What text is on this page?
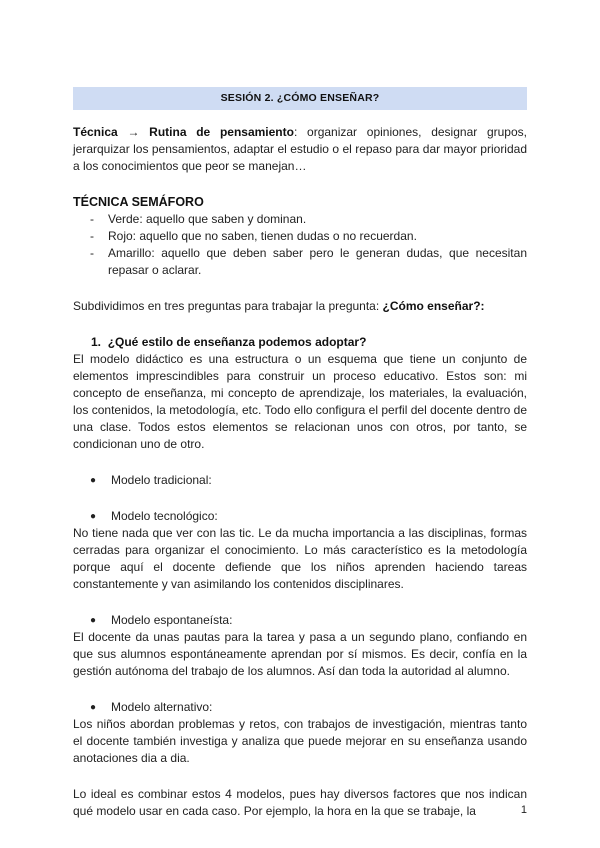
SESIÓN 2. ¿CÓMO ENSEÑAR?

Técnica → Rutina de pensamiento: organizar opiniones, designar grupos, jerarquizar los pensamientos, adaptar el estudio o el repaso para dar mayor prioridad a los conocimientos que peor se manejan…

TÉCNICA SEMÁFORO
- Verde: aquello que saben y dominan.
- Rojo: aquello que no saben, tienen dudas o no recuerdan.
- Amarillo: aquello que deben saber pero le generan dudas, que necesitan repasar o aclarar.

Subdividimos en tres preguntas para trabajar la pregunta: ¿Cómo enseñar?:

1. ¿Qué estilo de enseñanza podemos adoptar?

El modelo didáctico es una estructura o un esquema que tiene un conjunto de elementos imprescindibles para construir un proceso educativo. Estos son: mi concepto de enseñanza, mi concepto de aprendizaje, los materiales, la evaluación, los contenidos, la metodología, etc. Todo ello configura el perfil del docente dentro de una clase. Todos estos elementos se relacionan unos con otros, por tanto, se condicionan uno de otro.

● Modelo tradicional:
● Modelo tecnológico:

No tiene nada que ver con las tic. Le da mucha importancia a las disciplinas, formas cerradas para organizar el conocimiento. Lo más característico es la metodología porque aquí el docente defiende que los niños aprenden haciendo tareas constantemente y van asimilando los contenidos disciplinares.

● Modelo espontaneísta:

El docente da unas pautas para la tarea y pasa a un segundo plano, confiando en que sus alumnos espontáneamente aprendan por sí mismos. Es decir, confía en la gestión autónoma del trabajo de los alumnos. Así dan toda la autoridad al alumno.

● Modelo alternativo:

Los niños abordan problemas y retos, con trabajos de investigación, mientras tanto el docente también investiga y analiza que puede mejorar en su enseñanza usando anotaciones dia a dia.

Lo ideal es combinar estos 4 modelos, pues hay diversos factores que nos indican qué modelo usar en cada caso. Por ejemplo, la hora en la que se trabaje, la	1
